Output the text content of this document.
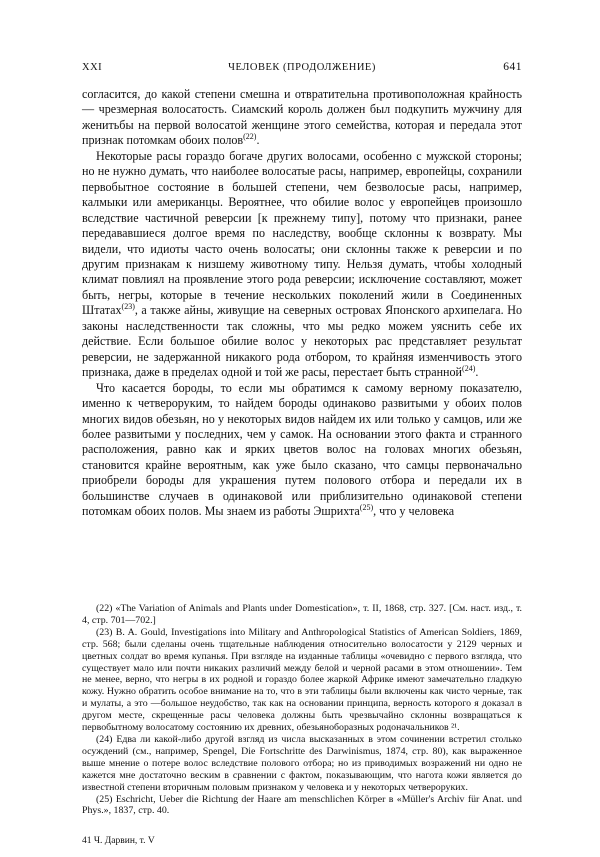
XXI	ЧЕЛОВЕК (ПРОДОЛЖЕНИЕ)	641

согласится, до какой степени смешна и отвратительна противоположная крайность — чрезмерная волосатость. Сиамский король должен был подкупить мужчину для женитьбы на первой волосатой женщине этого семейства, которая и передала этот признак потомкам обоих полов$^{(22)}$.

Некоторые расы гораздо богаче других волосами, особенно с мужской стороны; но не нужно думать, что наиболее волосатые расы, например, европейцы, сохранили первобытное состояние в большей степени, чем безволосые расы, например, калмыки или американцы. Вероятнее, что обилие волос у европейцев произошло вследствие частичной реверсии [к прежнему типу], потому что признаки, ранее передававшиеся долгое время по наследству, вообще склонны к возврату. Мы видели, что идиоты часто очень волосаты; они склонны также к реверсии и по другим признакам к низшему животному типу. Нельзя думать, чтобы холодный климат повлиял на проявление этого рода реверсии; исключение составляют, может быть, негры, которые в течение нескольких поколений жили в Соединенных Штатах$^{(23)}$, а также айны, живущие на северных островах Японского архипелага. Но законы наследственности так сложны, что мы редко можем уяснить себе их действие. Если большое обилие волос у некоторых рас представляет результат реверсии, не задержанной никакого рода отбором, то крайняя изменчивость этого признака, даже в пределах одной и той же расы, перестает быть странной$^{(24)}$.

Что касается бороды, то если мы обратимся к самому верному показателю, именно к четвероруким, то найдем бороды одинаково развитыми у обоих полов многих видов обезьян, но у некоторых видов найдем их или только у самцов, или же более развитыми у последних, чем у самок. На основании этого факта и странного расположения, равно как и ярких цветов волос на головах многих обезьян, становится крайне вероятным, как уже было сказано, что самцы первоначально приобрели бороды для украшения путем полового отбора и передали их в большинстве случаев в одинаковой или приблизительно одинаковой степени потомкам обоих полов. Мы знаем из работы Эшрихта$^{(25)}$, что у человека

(22) «The Variation of Animals and Plants under Domestication», т. II, 1868, стр. 327. [См. наст. изд., т. 4, стр. 701—702.]

(23) B. A. Gould, Investigations into Military and Anthropological Statistics of American Soldiers, 1869, стр. 568; были сделаны очень тщательные наблюдения относительно волосатости у 2129 черных и цветных солдат во время купанья. При взгляде на изданные таблицы «очевидно с первого взгляда, что существует мало или почти никаких различий между белой и черной расами в этом отношении». Тем не менее, верно, что негры в их родной и гораздо более жаркой Африке имеют замечательно гладкую кожу. Нужно обратить особое внимание на то, что в эти таблицы были включены как чисто черные, так и мулаты, а это —большое неудобство, так как на основании принципа, верность которого я доказал в другом месте, скрещенные расы человека должны быть чрезвычайно склонны возвращаться к первобытному волосатому состоянию их древних, обезьяноборазных родоначальников ²¹.

(24) Едва ли какой-либо другой взгляд из числа высказанных в этом сочинении встретил столько осуждений (см., например, Spengel, Die Fortschritte des Darwinismus, 1874, стр. 80), как выраженное выше мнение о потере волос вследствие полового отбора; но из приводимых возражений ни одно не кажется мне достаточно веским в сравнении с фактом, показывающим, что нагота кожи является до известной степени вторичным половым признаком у человека и у некоторых четвероруких.

(25) Eschricht, Ueber die Richtung der Haare am menschlichen Körper в «Müller's Archiv für Anat. und Phys.», 1837, стр. 40.

41 Ч. Дарвин, т. V
